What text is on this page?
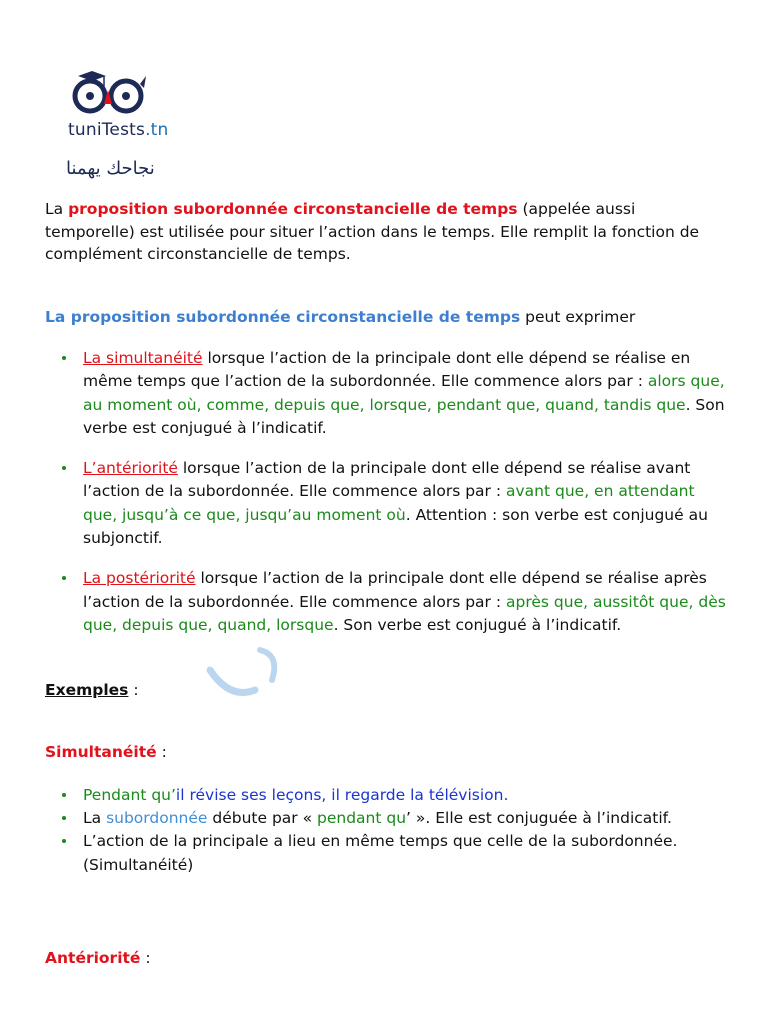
tuniTests.tn
نجاحك يهمنا

La proposition subordonnée circonstancielle de temps (appelée aussi temporelle) est utilisée pour situer l’action dans le temps. Elle remplit la fonction de complément circonstancielle de temps.

La proposition subordonnée circonstancielle de temps peut exprimer

La simultanéité lorsque l’action de la principale dont elle dépend se réalise en même temps que l’action de la subordonnée. Elle commence alors par : alors que, au moment où, comme, depuis que, lorsque, pendant que, quand, tandis que. Son verbe est conjugué à l’indicatif.
L’antériorité lorsque l’action de la principale dont elle dépend se réalise avant l’action de la subordonnée. Elle commence alors par : avant que, en attendant que, jusqu’à ce que, jusqu’au moment où. Attention : son verbe est conjugué au subjonctif.
La postériorité lorsque l’action de la principale dont elle dépend se réalise après l’action de la subordonnée. Elle commence alors par : après que, aussitôt que, dès que, depuis que, quand, lorsque. Son verbe est conjugué à l’indicatif.

Exemples :

Simultanéité :

Pendant qu’il révise ses leçons, il regarde la télévision.
La subordonnée débute par « pendant qu’ ». Elle est conjuguée à l’indicatif.
L’action de la principale a lieu en même temps que celle de la subordonnée. (Simultanéité)

Antériorité :
